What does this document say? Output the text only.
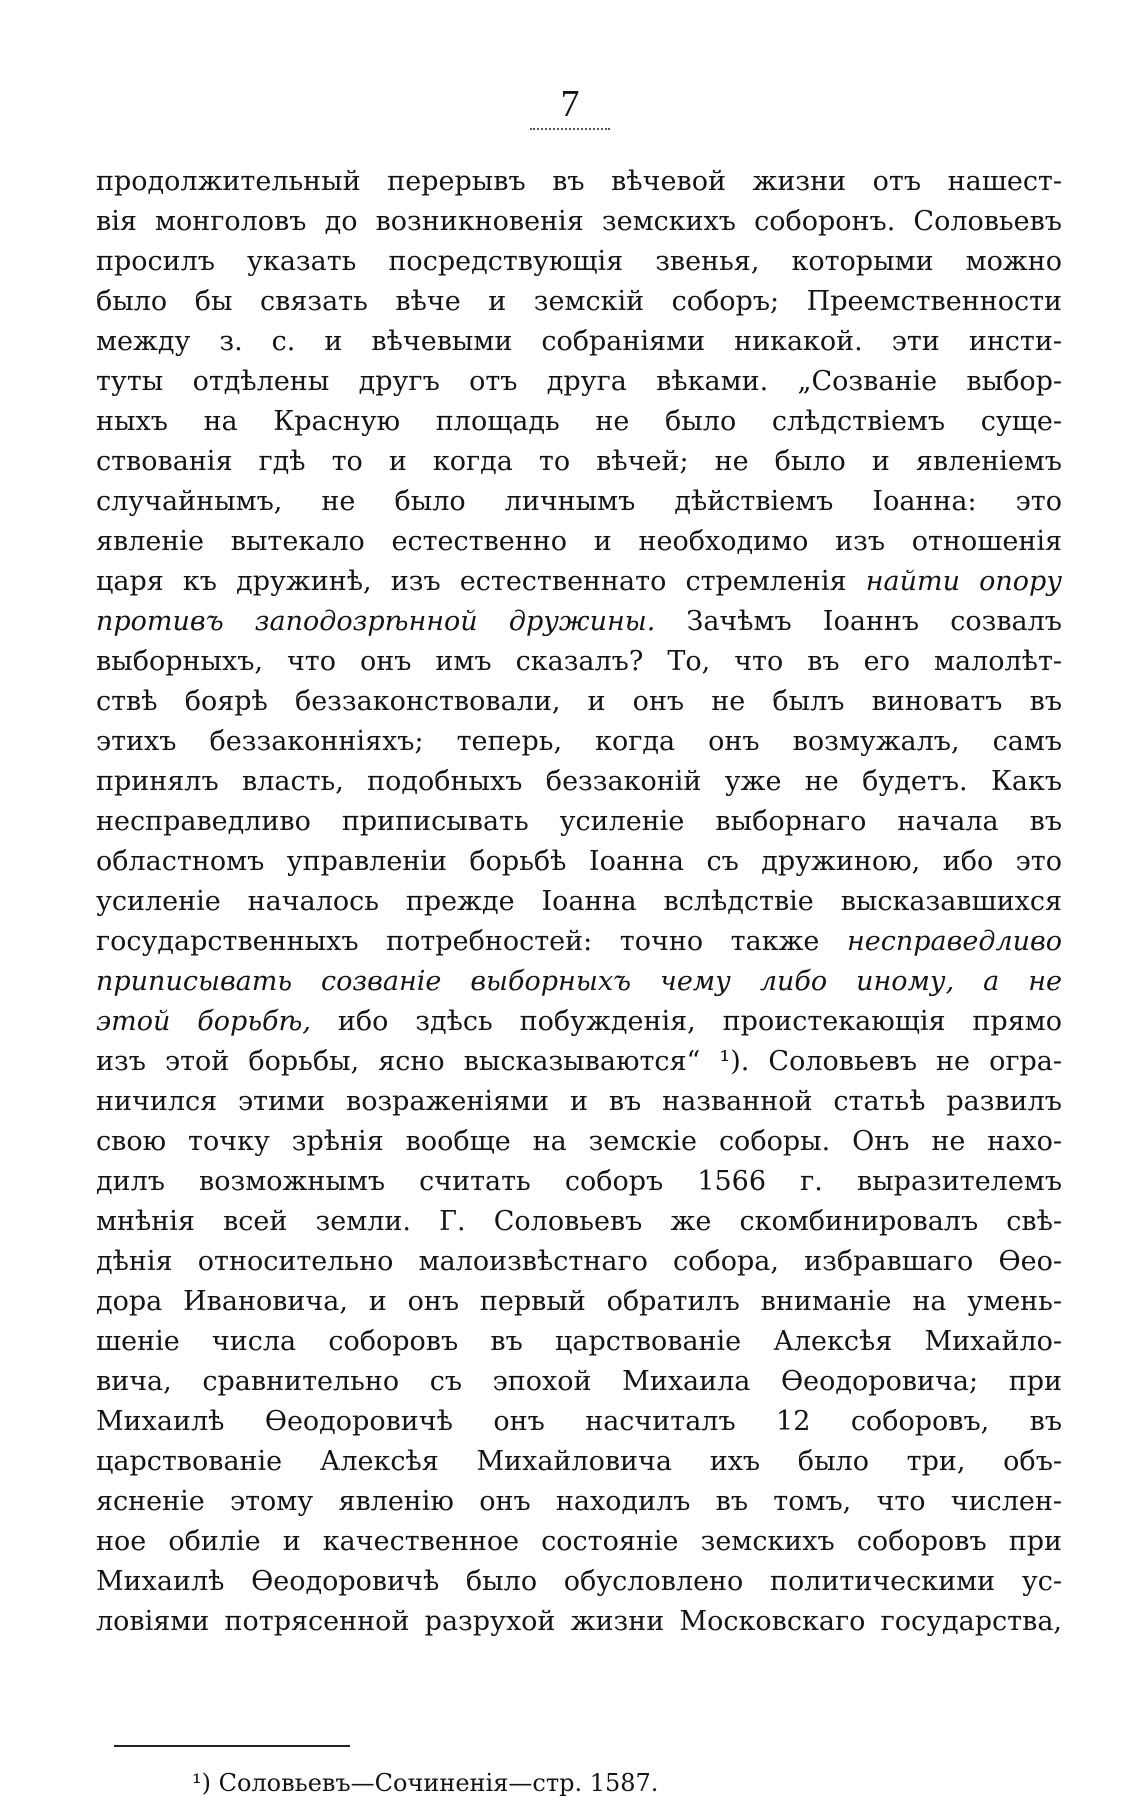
7
продолжительный перерывъ въ вѣчевой жизни отъ нашест-
вія монголовъ до возникновенія земскихъ соборонъ. Соловьевъ
просилъ указать посредствующія звенья, которыми можно
было бы связать вѣче и земскій соборъ; Преемственности
между з. с. и вѣчевыми собраніями никакой. эти инсти-
туты отдѣлены другъ отъ друга вѣками. „Созваніе выбор-
ныхъ на Красную площадь не было слѣдствіемъ суще-
ствованія гдѣ то и когда то вѣчей; не было и явленіемъ
случайнымъ, не было личнымъ дѣйствіемъ Іоанна: это
явленіе вытекало естественно и необходимо изъ отношенія
царя къ дружинѣ, изъ естественнато стремленія найти опору
противъ заподозрѣнной дружины. Зачѣмъ Іоаннъ созвалъ
выборныхъ, что онъ имъ сказалъ? То, что въ его малолѣт-
ствѣ боярѣ беззаконствовали, и онъ не былъ виноватъ въ
этихъ беззаконніяхъ; теперь, когда онъ возмужалъ, самъ
принялъ власть, подобныхъ беззаконій уже не будетъ. Какъ
несправедливо приписывать усиленіе выборнаго начала въ
областномъ управленіи борьбѣ Іоанна съ дружиною, ибо это
усиленіе началось прежде Іоанна вслѣдствіе высказавшихся
государственныхъ потребностей: точно также несправедливо
приписывать созваніе выборныхъ чему либо иному, а не
этой борьбѣ, ибо здѣсь побужденія, проистекающія прямо
изъ этой борьбы, ясно высказываются“ ¹). Соловьевъ не огра-
ничился этими возраженіями и въ названной статьѣ развилъ
свою точку зрѣнія вообще на земскіе соборы. Онъ не нахо-
дилъ возможнымъ считать соборъ 1566 г. выразителемъ
мнѣнія всей земли. Г. Соловьевъ же скомбинировалъ свѣ-
дѣнія относительно малоизвѣстнаго собора, избравшаго Ѳео-
дора Ивановича, и онъ первый обратилъ вниманіе на умень-
шеніе числа соборовъ въ царствованіе Алексѣя Михайло-
вича, сравнительно съ эпохой Михаила Ѳеодоровича; при
Михаилѣ Ѳеодоровичѣ онъ насчиталъ 12 соборовъ, въ
царствованіе Алексѣя Михайловича ихъ было три, объ-
ясненіе этому явленію онъ находилъ въ томъ, что числен-
ное обиліе и качественное состояніе земскихъ соборовъ при
Михаилѣ Ѳеодоровичѣ было обусловлено политическими ус-
ловіями потрясенной разрухой жизни Московскаго государства,
¹) Соловьевъ—Сочиненія—стр. 1587.
